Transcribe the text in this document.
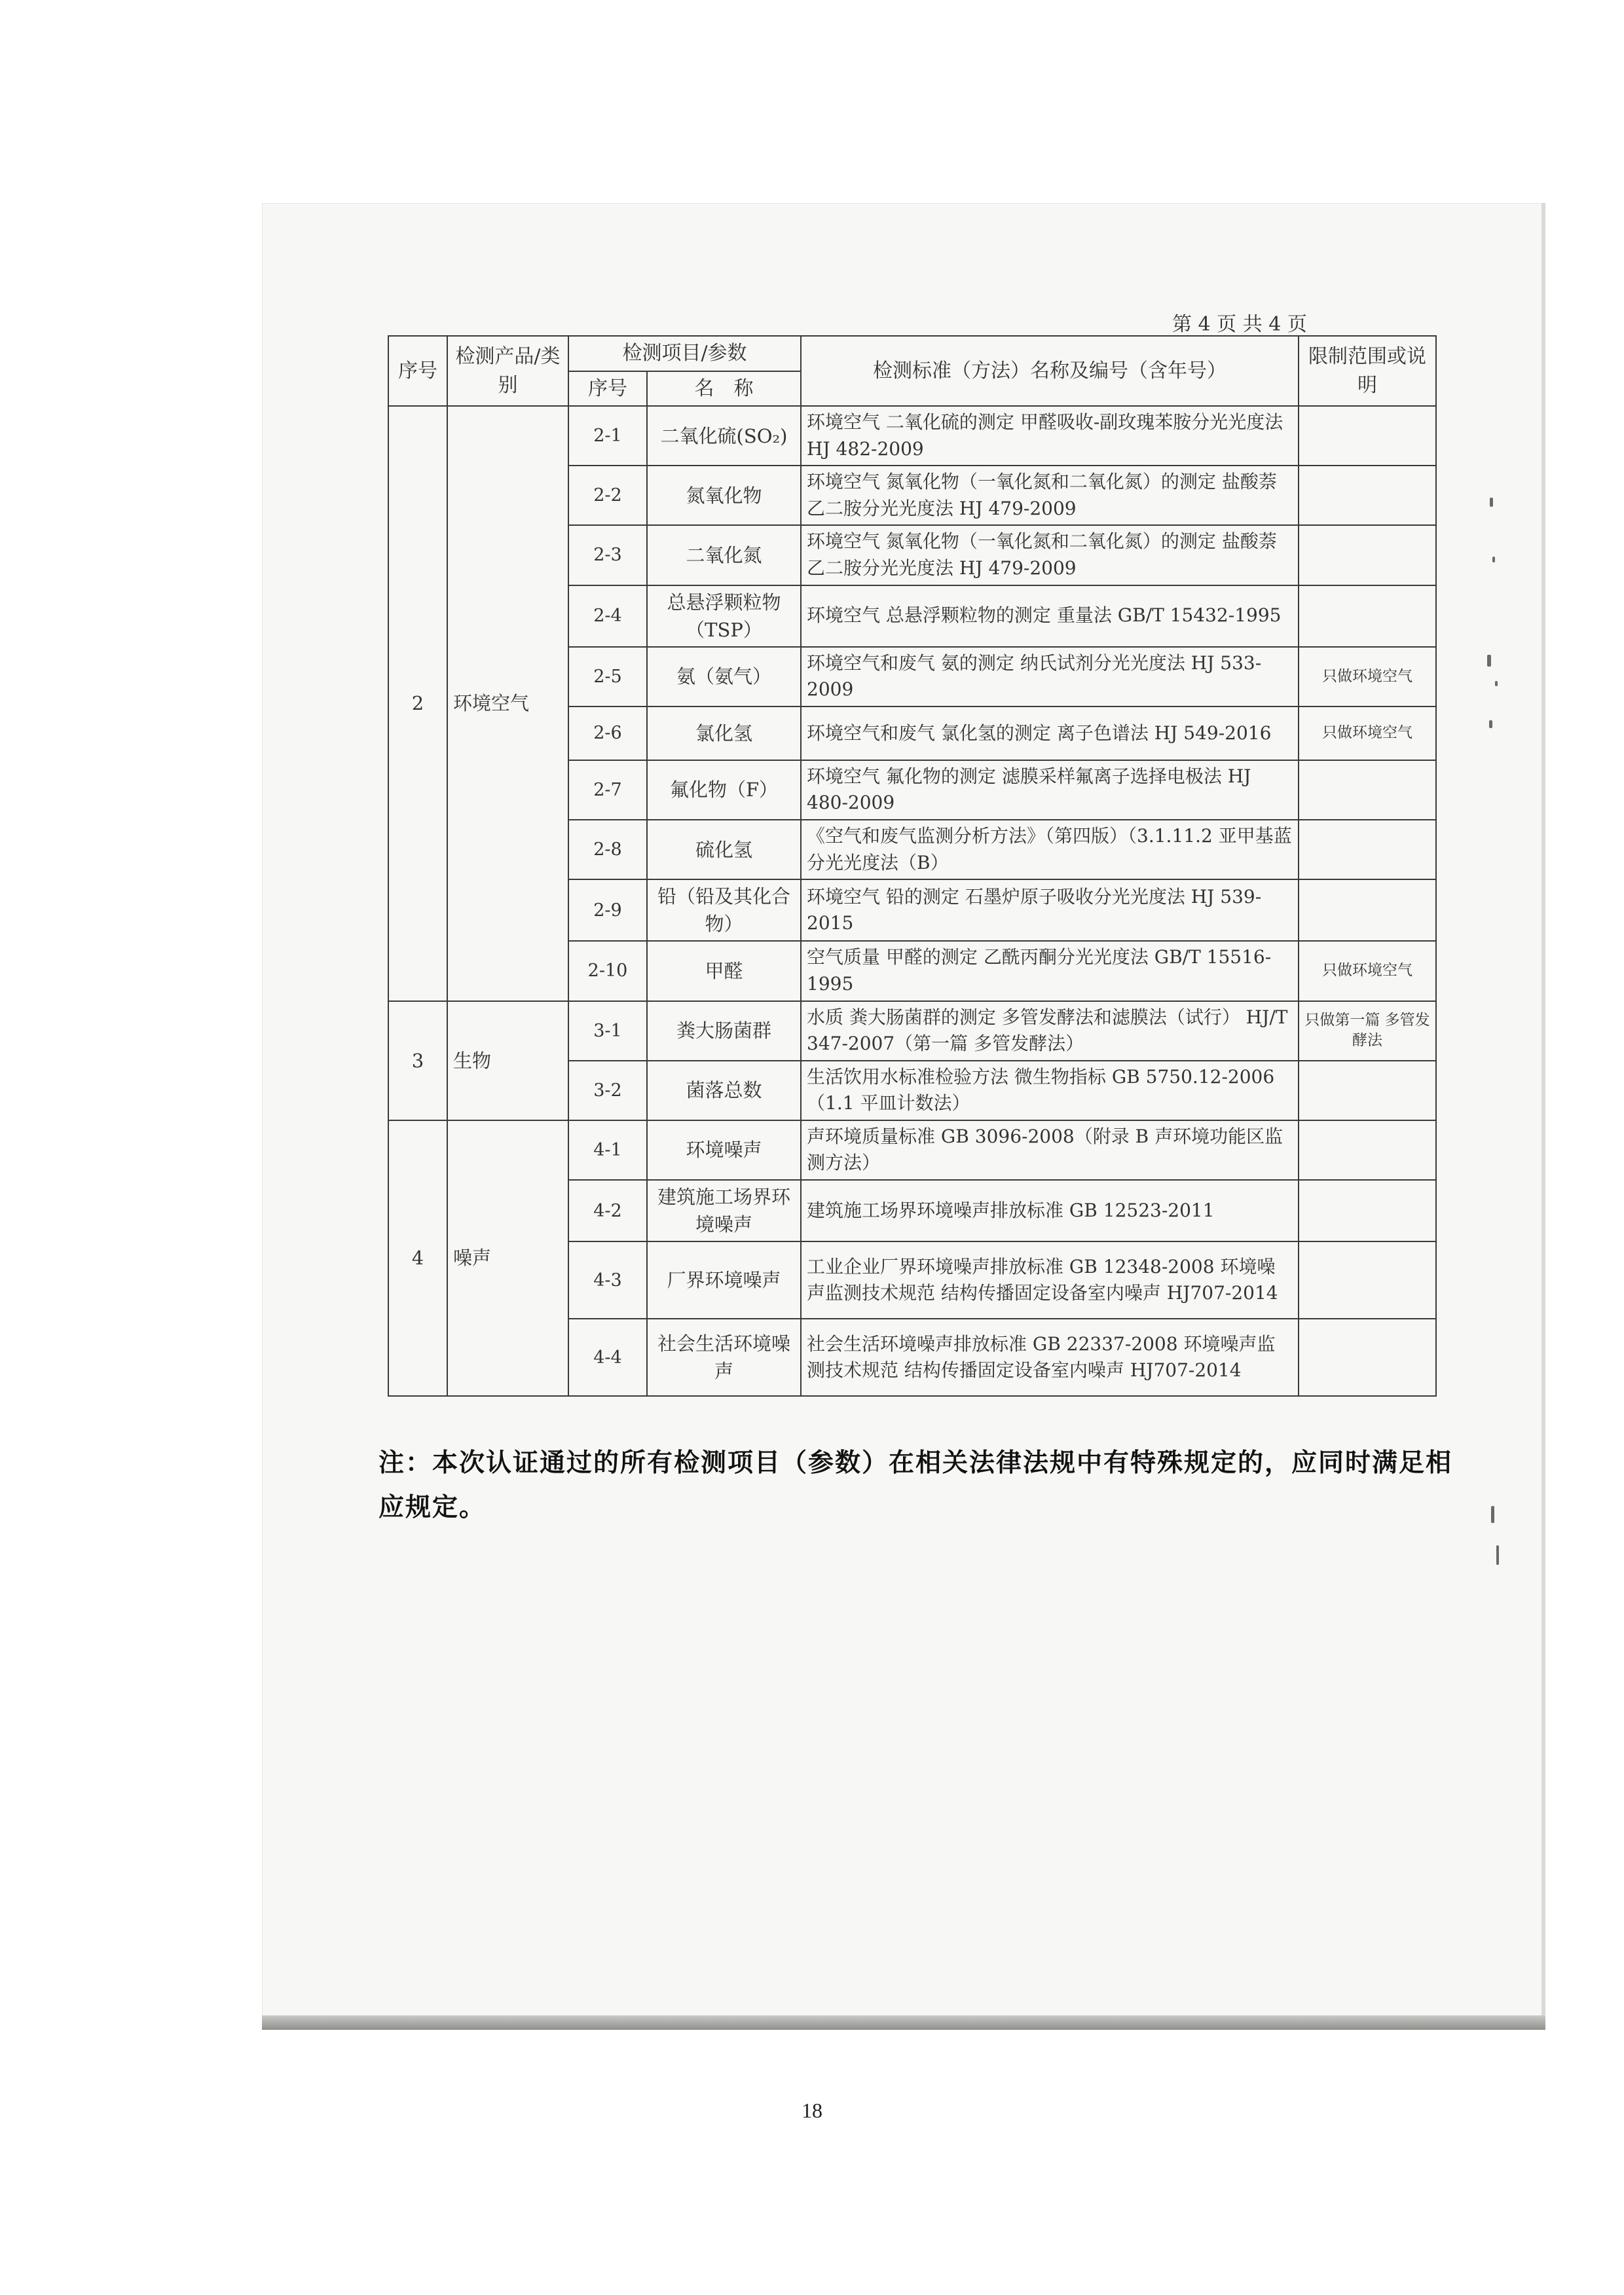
第 4 页 共 4 页
序号	检测产品/类别	检测项目/参数		检测标准（方法）名称及编号（含年号）	限制范围或说明
		序号	名　称		
2	环境空气	2-1	二氧化硫(SO₂)	环境空气 二氧化硫的测定 甲醛吸收-副玫瑰苯胺分光光度法 HJ 482-2009	
		2-2	氮氧化物	环境空气 氮氧化物（一氧化氮和二氧化氮）的测定 盐酸萘乙二胺分光光度法 HJ 479-2009	
		2-3	二氧化氮	环境空气 氮氧化物（一氧化氮和二氧化氮）的测定 盐酸萘乙二胺分光光度法 HJ 479-2009	
		2-4	总悬浮颗粒物（TSP）	环境空气 总悬浮颗粒物的测定 重量法 GB/T 15432-1995	
		2-5	氨（氨气）	环境空气和废气 氨的测定 纳氏试剂分光光度法 HJ 533-2009	只做环境空气
		2-6	氯化氢	环境空气和废气 氯化氢的测定 离子色谱法 HJ 549-2016	只做环境空气
		2-7	氟化物（F）	环境空气 氟化物的测定 滤膜采样氟离子选择电极法 HJ 480-2009	
		2-8	硫化氢	《空气和废气监测分析方法》（第四版）（3.1.11.2 亚甲基蓝分光光度法（B）	
		2-9	铅（铅及其化合物）	环境空气 铅的测定 石墨炉原子吸收分光光度法 HJ 539-2015	
		2-10	甲醛	空气质量 甲醛的测定 乙酰丙酮分光光度法 GB/T 15516-1995	只做环境空气
3	生物	3-1	粪大肠菌群	水质 粪大肠菌群的测定 多管发酵法和滤膜法（试行） HJ/T 347-2007（第一篇 多管发酵法）	只做第一篇 多管发酵法
		3-2	菌落总数	生活饮用水标准检验方法 微生物指标 GB 5750.12-2006（1.1 平皿计数法）	
4	噪声	4-1	环境噪声	声环境质量标准 GB 3096-2008（附录 B 声环境功能区监测方法）	
		4-2	建筑施工场界环境噪声	建筑施工场界环境噪声排放标准 GB 12523-2011	
		4-3	厂界环境噪声	工业企业厂界环境噪声排放标准 GB 12348-2008 环境噪声监测技术规范 结构传播固定设备室内噪声 HJ707-2014	
		4-4	社会生活环境噪声	社会生活环境噪声排放标准 GB 22337-2008 环境噪声监测技术规范 结构传播固定设备室内噪声 HJ707-2014	
注：本次认证通过的所有检测项目（参数）在相关法律法规中有特殊规定的，应同时满足相应规定。
18
